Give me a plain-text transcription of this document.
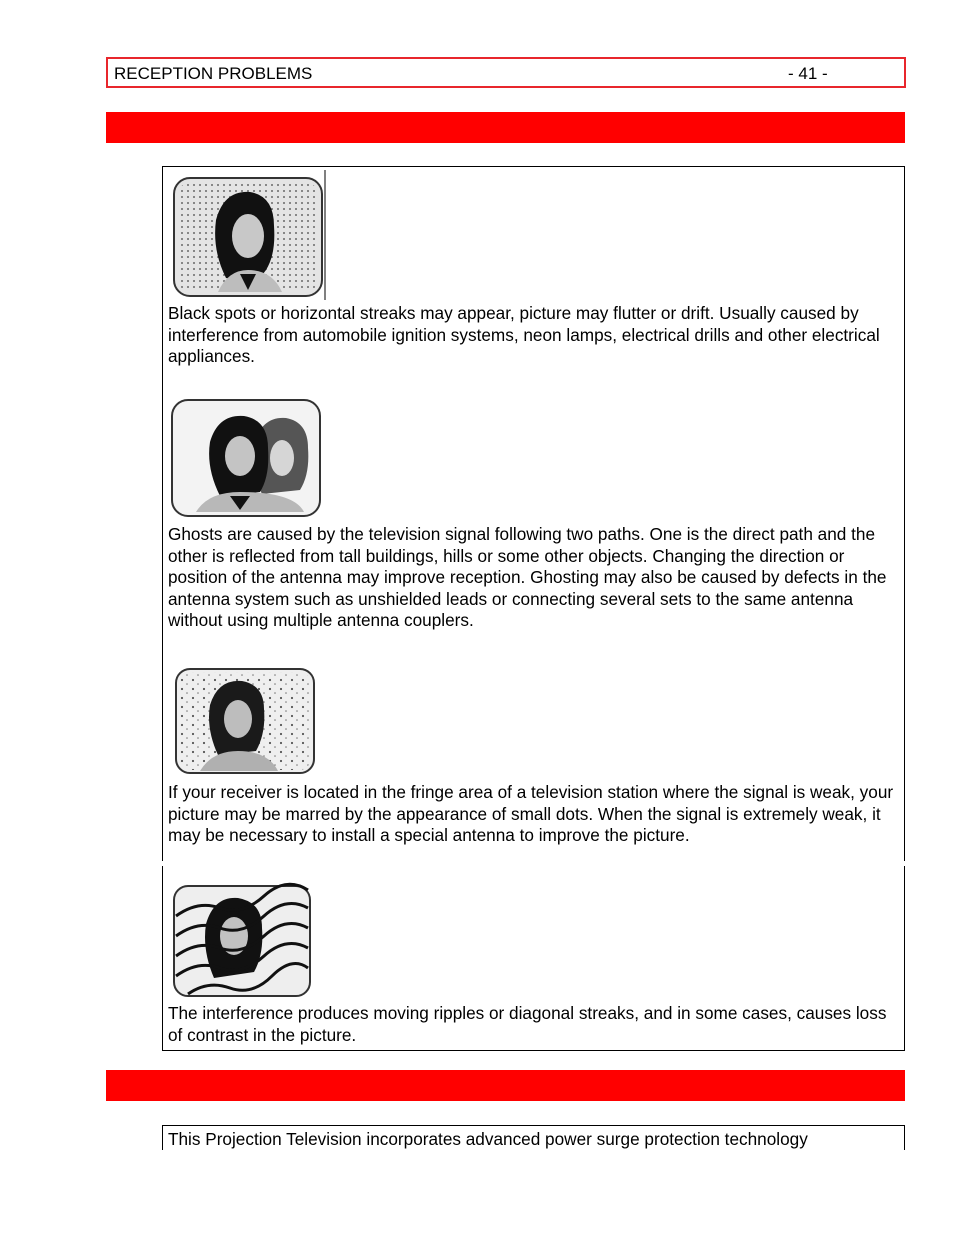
RECEPTION PROBLEMS	- 41 -

Black spots or horizontal streaks may appear, picture may flutter or drift. Usually caused by interference from automobile ignition systems, neon lamps, electrical drills and other electrical appliances.

Ghosts are caused by the television signal following two paths. One is the direct path and the other is reflected from tall buildings, hills or some other objects. Changing the direction or position of the antenna may improve reception. Ghosting may also be caused by defects in the antenna system such as unshielded leads or connecting several sets to the same antenna without using multiple antenna couplers.

If your receiver is located in the fringe area of a television station where the signal is weak, your picture may be marred by the appearance of small dots. When the signal is extremely weak, it may be necessary to install a special antenna to improve the picture.

The interference produces moving ripples or diagonal streaks, and in some cases, causes loss of contrast in the picture.

This Projection Television incorporates advanced power surge protection technology
